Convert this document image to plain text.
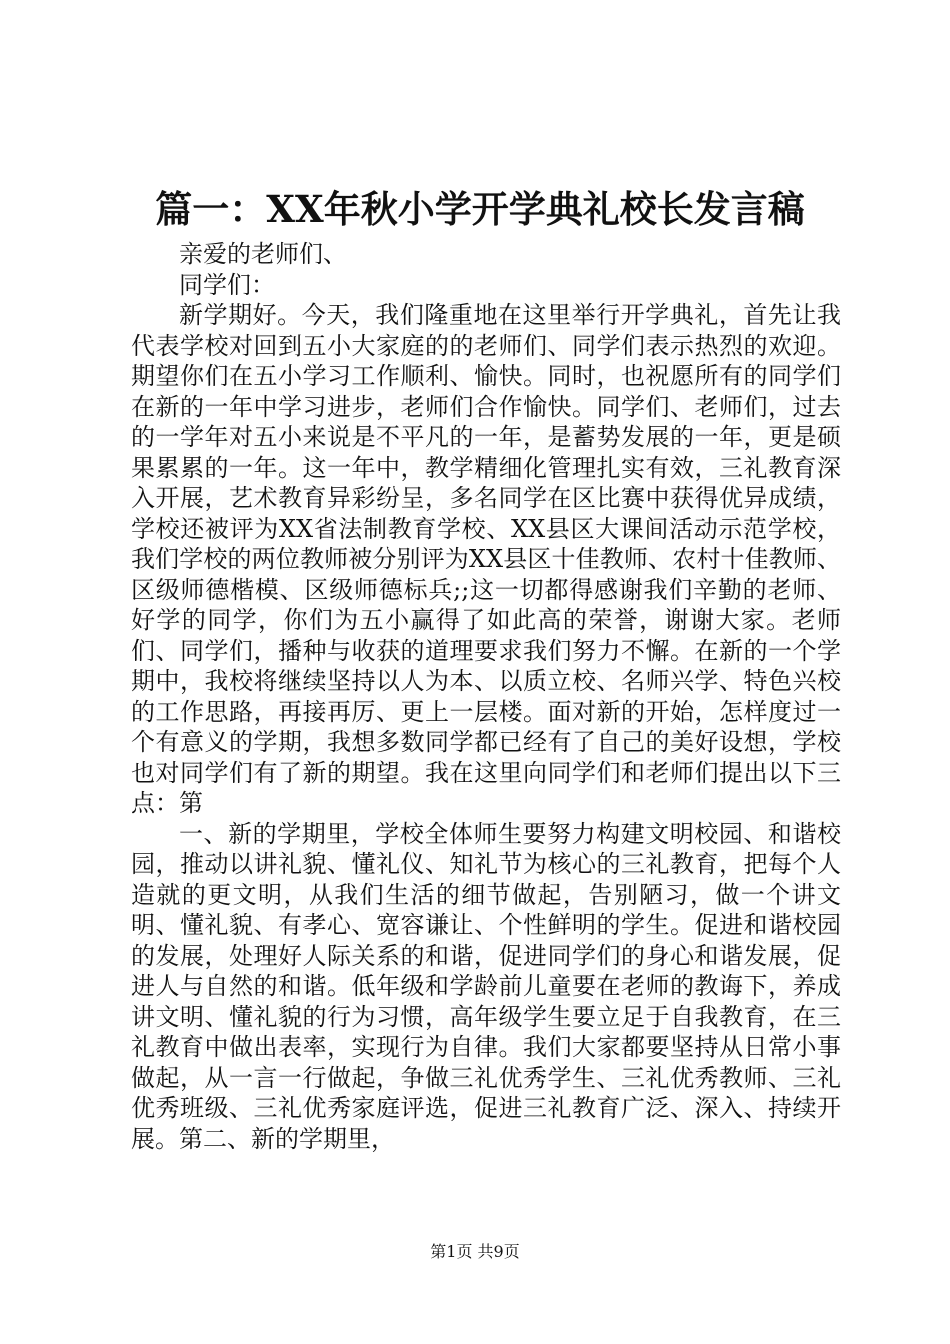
篇一：XX年秋小学开学典礼校长发言稿

亲爱的老师们、

同学们：

新学期好。今天，我们隆重地在这里举行开学典礼，首先让我代表学校对回到五小大家庭的的老师们、同学们表示热烈的欢迎。期望你们在五小学习工作顺利、愉快。同时，也祝愿所有的同学们在新的一年中学习进步，老师们合作愉快。同学们、老师们，过去的一学年对五小来说是不平凡的一年，是蓄势发展的一年，更是硕果累累的一年。这一年中，教学精细化管理扎实有效，三礼教育深入开展，艺术教育异彩纷呈，多名同学在区比赛中获得优异成绩，学校还被评为XX省法制教育学校、XX县区大课间活动示范学校，我们学校的两位教师被分别评为XX县区十佳教师、农村十佳教师、区级师德楷模、区级师德标兵;;这一切都得感谢我们辛勤的老师、好学的同学，你们为五小赢得了如此高的荣誉，谢谢大家。老师们、同学们，播种与收获的道理要求我们努力不懈。在新的一个学期中，我校将继续坚持以人为本、以质立校、名师兴学、特色兴校的工作思路，再接再厉、更上一层楼。面对新的开始，怎样度过一个有意义的学期，我想多数同学都已经有了自己的美好设想，学校也对同学们有了新的期望。我在这里向同学们和老师们提出以下三点：第

一、新的学期里，学校全体师生要努力构建文明校园、和谐校园，推动以讲礼貌、懂礼仪、知礼节为核心的三礼教育，把每个人造就的更文明，从我们生活的细节做起，告别陋习，做一个讲文明、懂礼貌、有孝心、宽容谦让、个性鲜明的学生。促进和谐校园的发展，处理好人际关系的和谐，促进同学们的身心和谐发展，促进人与自然的和谐。低年级和学龄前儿童要在老师的教诲下，养成讲文明、懂礼貌的行为习惯，高年级学生要立足于自我教育，在三礼教育中做出表率，实现行为自律。我们大家都要坚持从日常小事做起，从一言一行做起，争做三礼优秀学生、三礼优秀教师、三礼优秀班级、三礼优秀家庭评选，促进三礼教育广泛、深入、持续开展。第二、新的学期里，

第1页 共9页
